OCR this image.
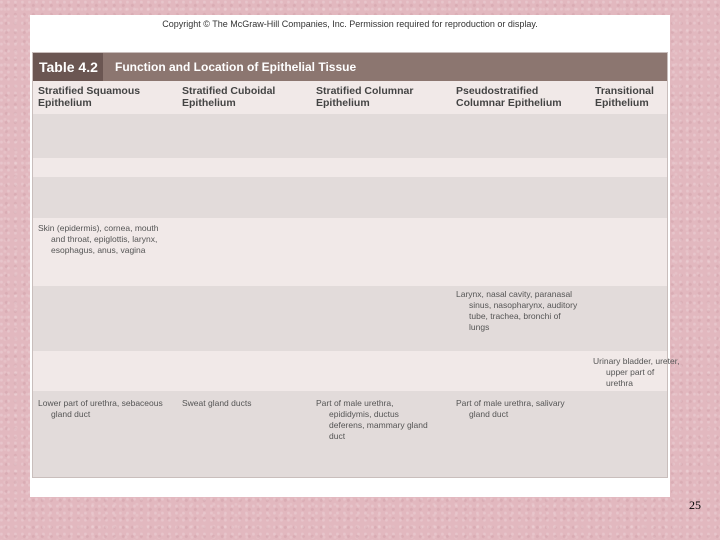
Copyright © The McGraw-Hill Companies, Inc. Permission required for reproduction or display.
Table 4.2	Function and Location of Epithelial Tissue
Stratified Squamous Epithelium
Stratified Cuboidal Epithelium
Stratified Columnar Epithelium
Pseudostratified Columnar Epithelium
Transitional Epithelium
Skin (epidermis), cornea, mouth and throat, epiglottis, larynx, esophagus, anus, vagina
Larynx, nasal cavity, paranasal sinus, nasopharynx, auditory tube, trachea, bronchi of lungs
Urinary bladder, ureter, upper part of urethra
Lower part of urethra, sebaceous gland duct
Sweat gland ducts	Part of male urethra, epididymis, ductus deferens, mammary gland duct
Part of male urethra, salivary gland duct
25
